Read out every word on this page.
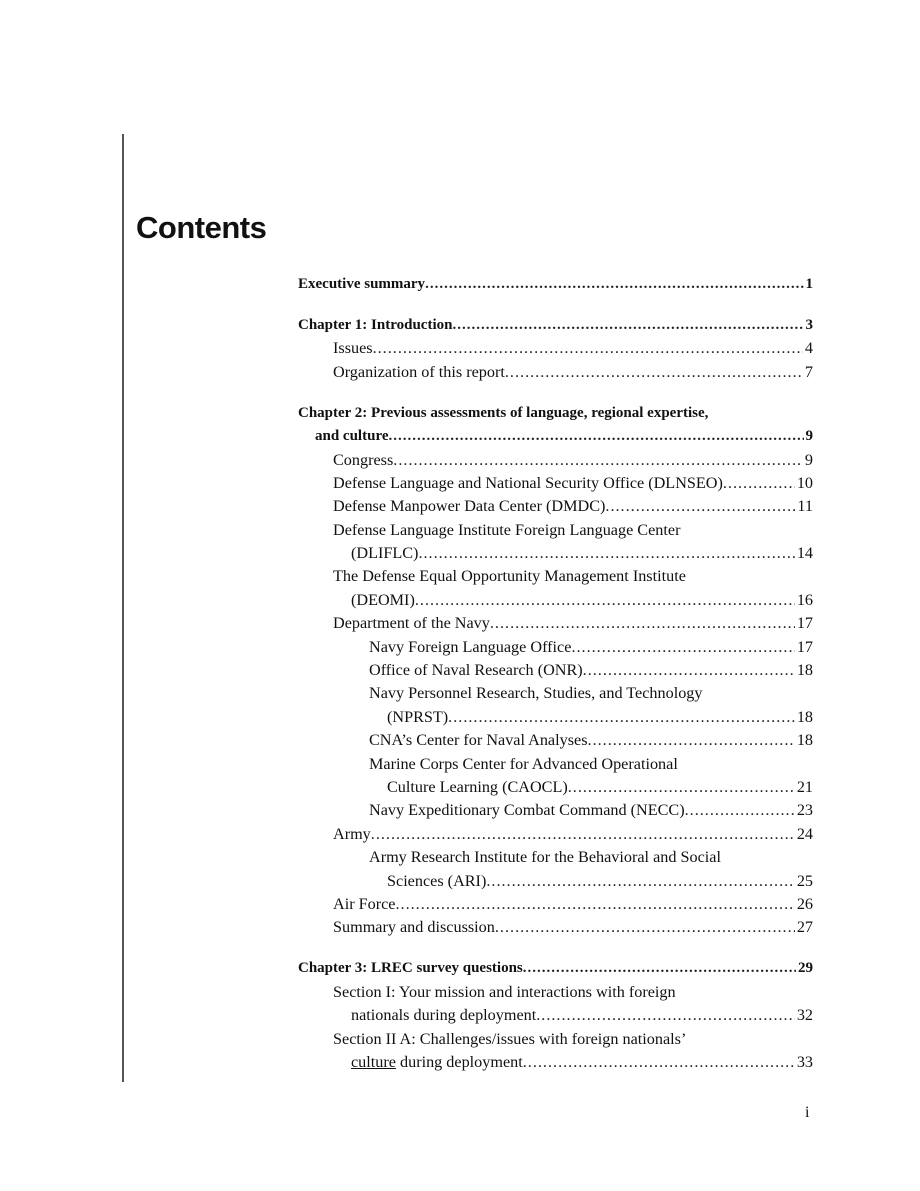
Contents
Executive summary .....	1
Chapter 1: Introduction .....	3
Issues .....	4
Organization of this report .....	7
Chapter 2: Previous assessments of language, regional expertise,
and culture .....	9
Congress .....	9
Defense Language and National Security Office (DLNSEO) .....	10
Defense Manpower Data Center (DMDC) .....	11
Defense Language Institute Foreign Language Center
(DLIFLC) .....	14
The Defense Equal Opportunity Management Institute
(DEOMI) .....	16
Department of the Navy .....	17
Navy Foreign Language Office .....	17
Office of Naval Research (ONR) .....	18
Navy Personnel Research, Studies, and Technology
(NPRST) .....	18
CNA’s Center for Naval Analyses .....	18
Marine Corps Center for Advanced Operational
Culture Learning (CAOCL) .....	21
Navy Expeditionary Combat Command (NECC) .....	23
Army .....	24
Army Research Institute for the Behavioral and Social
Sciences (ARI) .....	25
Air Force .....	26
Summary and discussion .....	27
Chapter 3: LREC survey questions .....	29
Section I: Your mission and interactions with foreign
nationals during deployment .....	32
Section II A: Challenges/issues with foreign nationals’
culture during deployment .....	33
i
